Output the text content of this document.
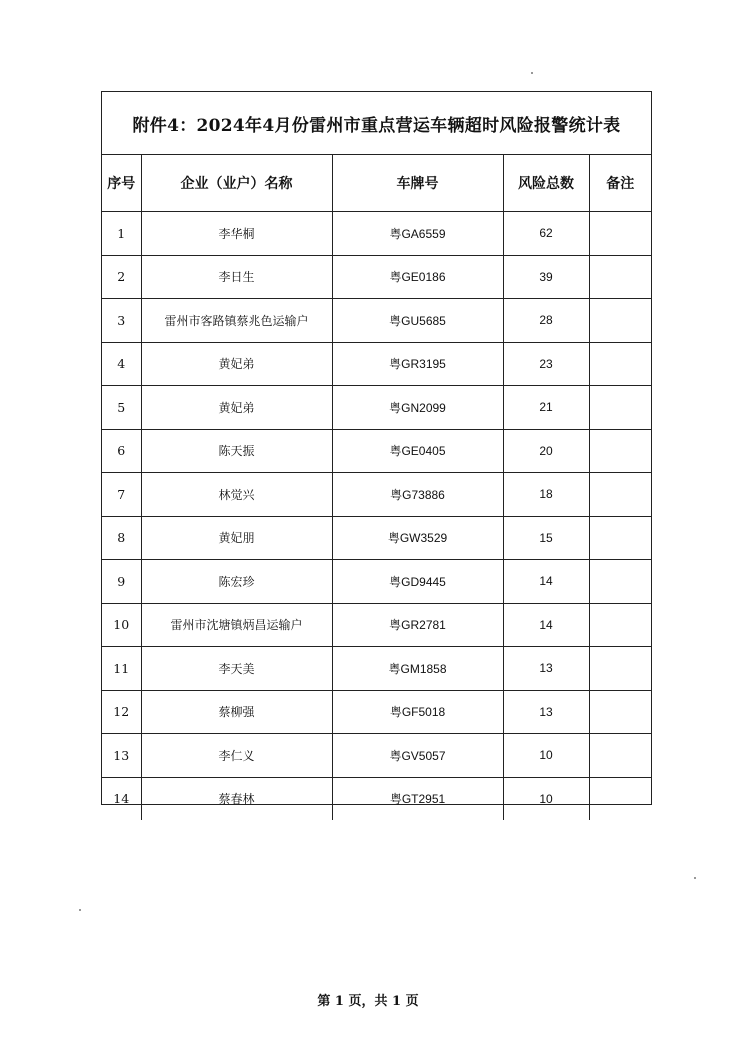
附件4：2024年4月份雷州市重点营运车辆超时风险报警统计表
序号	企业（业户）名称	车牌号	风险总数	备注
1	李华桐	粤GA6559	62	
2	李日生	粤GE0186	39	
3	雷州市客路镇蔡兆色运输户	粤GU5685	28	
4	黄妃弟	粤GR3195	23	
5	黄妃弟	粤GN2099	21	
6	陈天振	粤GE0405	20	
7	林觉兴	粤G73886	18	
8	黄妃朋	粤GW3529	15	
9	陈宏珍	粤GD9445	14	
10	雷州市沈塘镇炳昌运输户	粤GR2781	14	
11	李天美	粤GM1858	13	
12	蔡柳强	粤GF5018	13	
13	李仁义	粤GV5057	10	
14	蔡春林	粤GT2951	10	
第 1 页，共 1 页
